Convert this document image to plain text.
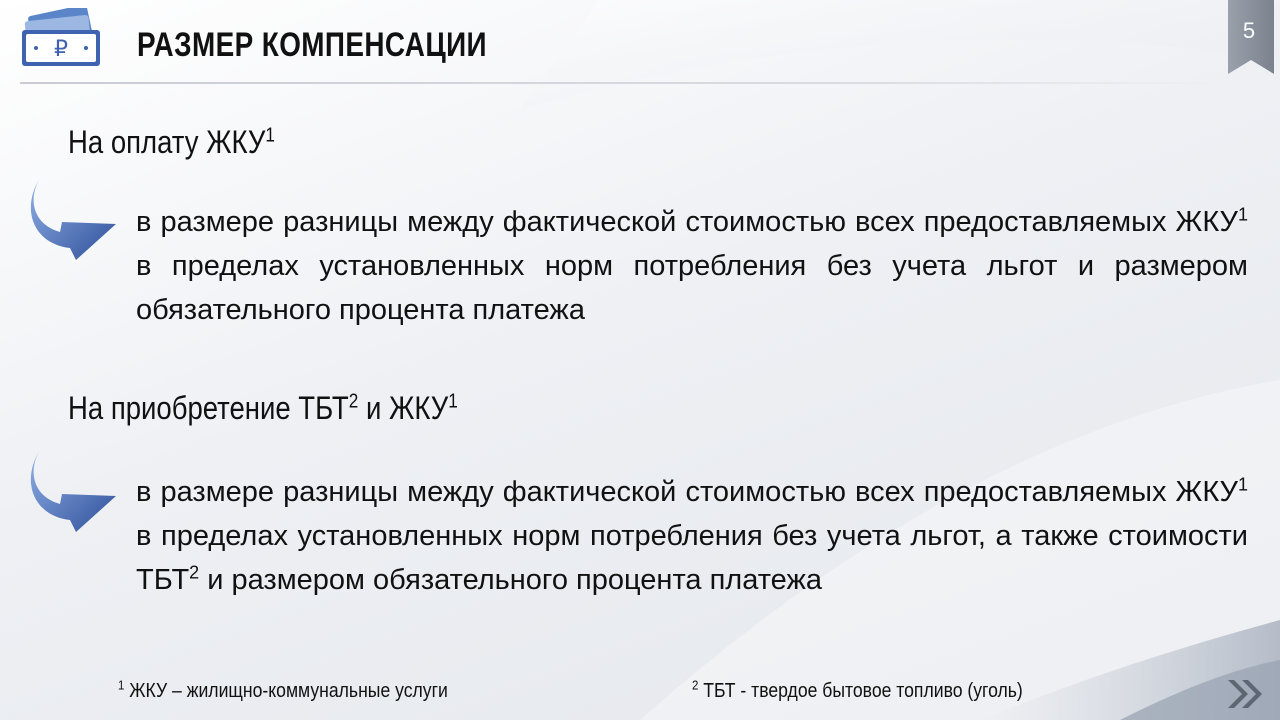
₽ РАЗМЕР КОМПЕНСАЦИИ	5
На оплату ЖКУ$^1$
в размере разницы между фактической стоимостью всех предоставляемых ЖКУ$^1$ в пределах установленных норм потребления без учета льгот и размером обязательного процента платежа
На приобретение ТБТ$^2$ и ЖКУ$^1$
в размере разницы между фактической стоимостью всех предоставляемых ЖКУ$^1$ в пределах установленных норм потребления без учета льгот, а также стоимости ТБТ$^2$ и размером обязательного процента платежа
$^1$ ЖКУ – жилищно-коммунальные услуги	$^2$ ТБТ - твердое бытовое топливо (уголь)
